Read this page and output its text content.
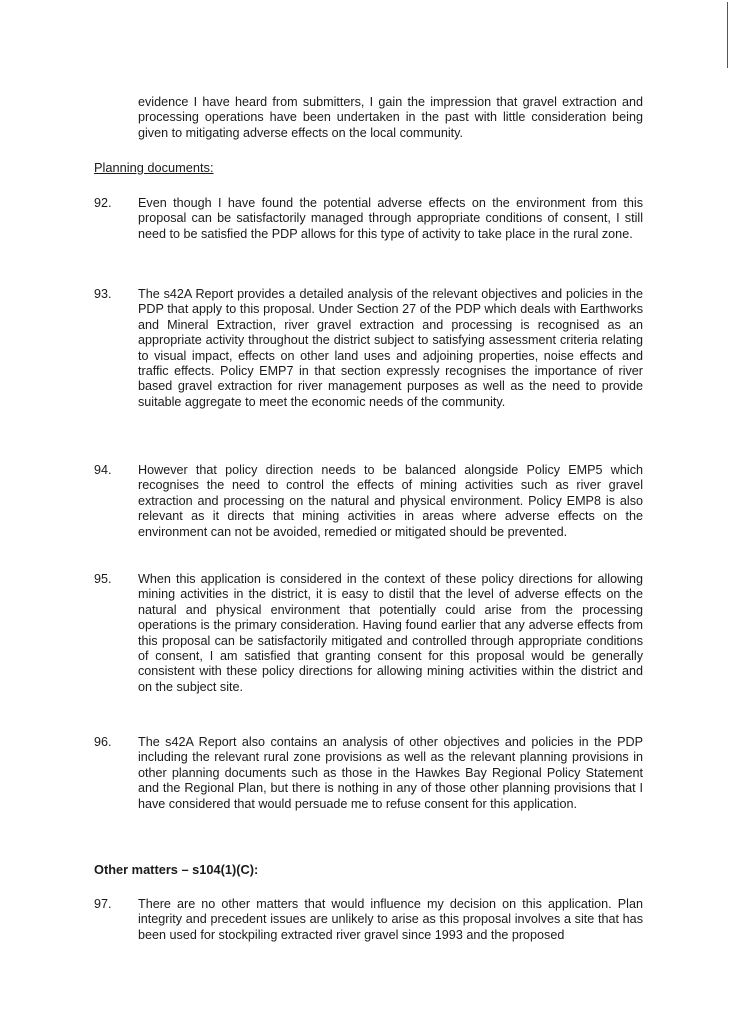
evidence I have heard from submitters, I gain the impression that gravel extraction and processing operations have been undertaken in the past with little consideration being given to mitigating adverse effects on the local community.
Planning documents:
92.	Even though I have found the potential adverse effects on the environment from this proposal can be satisfactorily managed through appropriate conditions of consent, I still need to be satisfied the PDP allows for this type of activity to take place in the rural zone.
93.	The s42A Report provides a detailed analysis of the relevant objectives and policies in the PDP that apply to this proposal. Under Section 27 of the PDP which deals with Earthworks and Mineral Extraction, river gravel extraction and processing is recognised as an appropriate activity throughout the district subject to satisfying assessment criteria relating to visual impact, effects on other land uses and adjoining properties, noise effects and traffic effects. Policy EMP7 in that section expressly recognises the importance of river based gravel extraction for river management purposes as well as the need to provide suitable aggregate to meet the economic needs of the community.
94.	However that policy direction needs to be balanced alongside Policy EMP5 which recognises the need to control the effects of mining activities such as river gravel extraction and processing on the natural and physical environment. Policy EMP8 is also relevant as it directs that mining activities in areas where adverse effects on the environment can not be avoided, remedied or mitigated should be prevented.
95.	When this application is considered in the context of these policy directions for allowing mining activities in the district, it is easy to distil that the level of adverse effects on the natural and physical environment that potentially could arise from the processing operations is the primary consideration. Having found earlier that any adverse effects from this proposal can be satisfactorily mitigated and controlled through appropriate conditions of consent, I am satisfied that granting consent for this proposal would be generally consistent with these policy directions for allowing mining activities within the district and on the subject site.
96.	The s42A Report also contains an analysis of other objectives and policies in the PDP including the relevant rural zone provisions as well as the relevant planning provisions in other planning documents such as those in the Hawkes Bay Regional Policy Statement and the Regional Plan, but there is nothing in any of those other planning provisions that I have considered that would persuade me to refuse consent for this application.
Other matters – s104(1)(C):
97.	There are no other matters that would influence my decision on this application. Plan integrity and precedent issues are unlikely to arise as this proposal involves a site that has been used for stockpiling extracted river gravel since 1993 and the proposed
